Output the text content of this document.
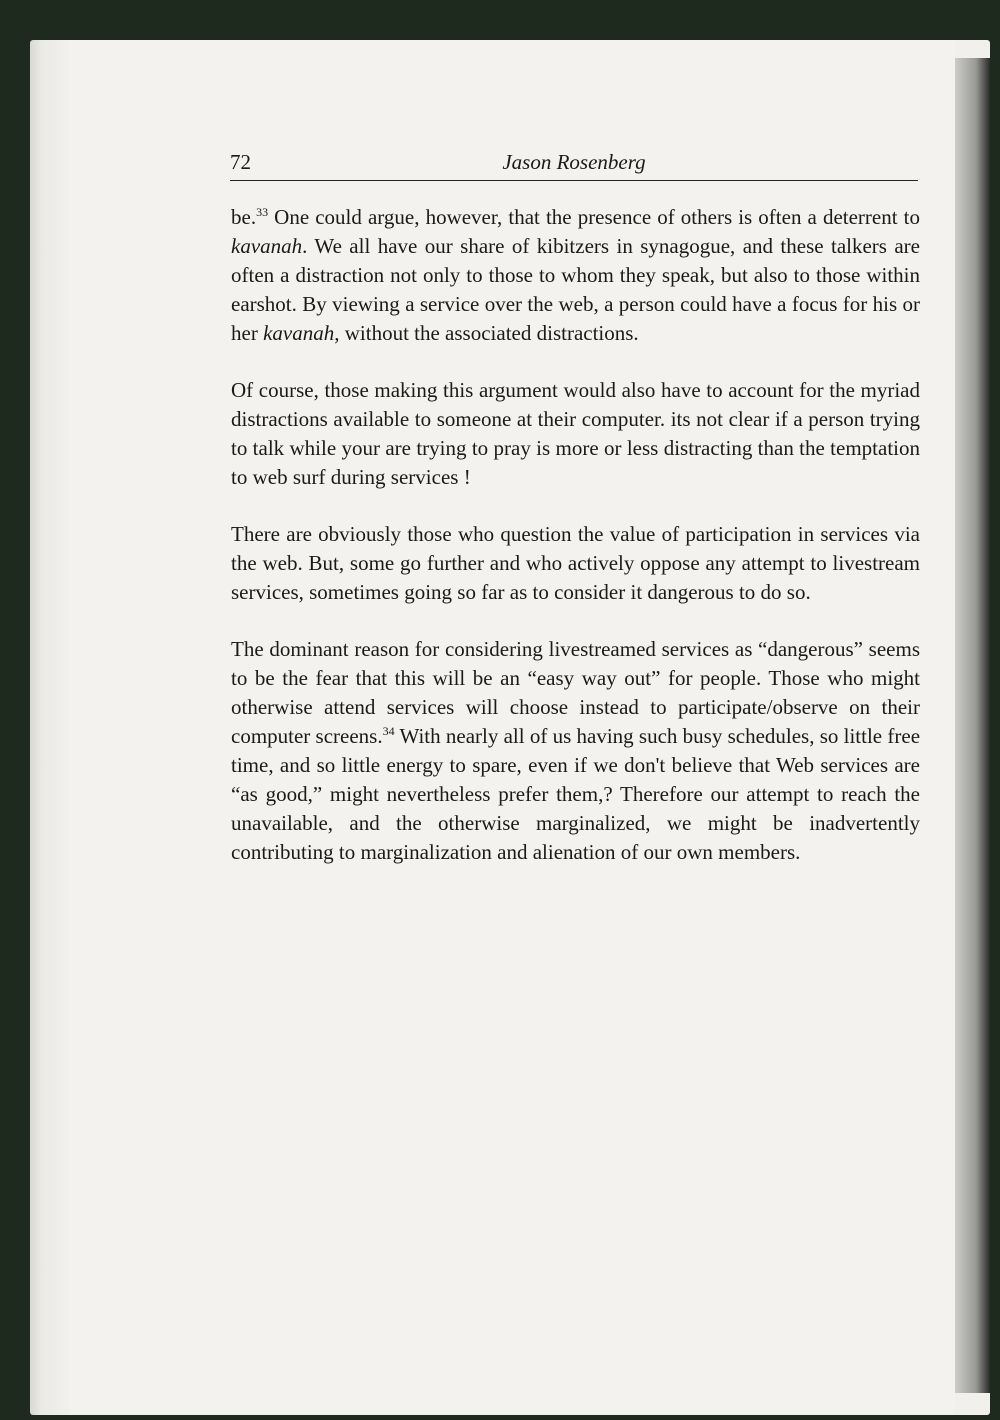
72	Jason Rosenberg

be.$^{33}$ One could argue, however, that the presence of others is often a deterrent to kavanah. We all have our share of kibitzers in synagogue, and these talkers are often a distraction not only to those to whom they speak, but also to those within earshot. By viewing a service over the web, a person could have a focus for his or her kavanah, without the associated distractions.

Of course, those making this argument would also have to account for the myriad distractions available to someone at their computer. its not clear if a person trying to talk while your are trying to pray is more or less distracting than the temptation to web surf during services !

There are obviously those who question the value of participation in services via the web. But, some go further and who actively oppose any attempt to livestream services, sometimes going so far as to consider it dangerous to do so.

The dominant reason for considering livestreamed services as “dangerous” seems to be the fear that this will be an “easy way out” for people. Those who might otherwise attend services will choose instead to participate/observe on their computer screens.$^{34}$ With nearly all of us having such busy schedules, so little free time, and so little energy to spare, even if we don't believe that Web services are “as good,” might nevertheless prefer them,? Therefore our attempt to reach the unavailable, and the otherwise marginalized, we might be inadvertently contributing to marginalization and alienation of our own members.
